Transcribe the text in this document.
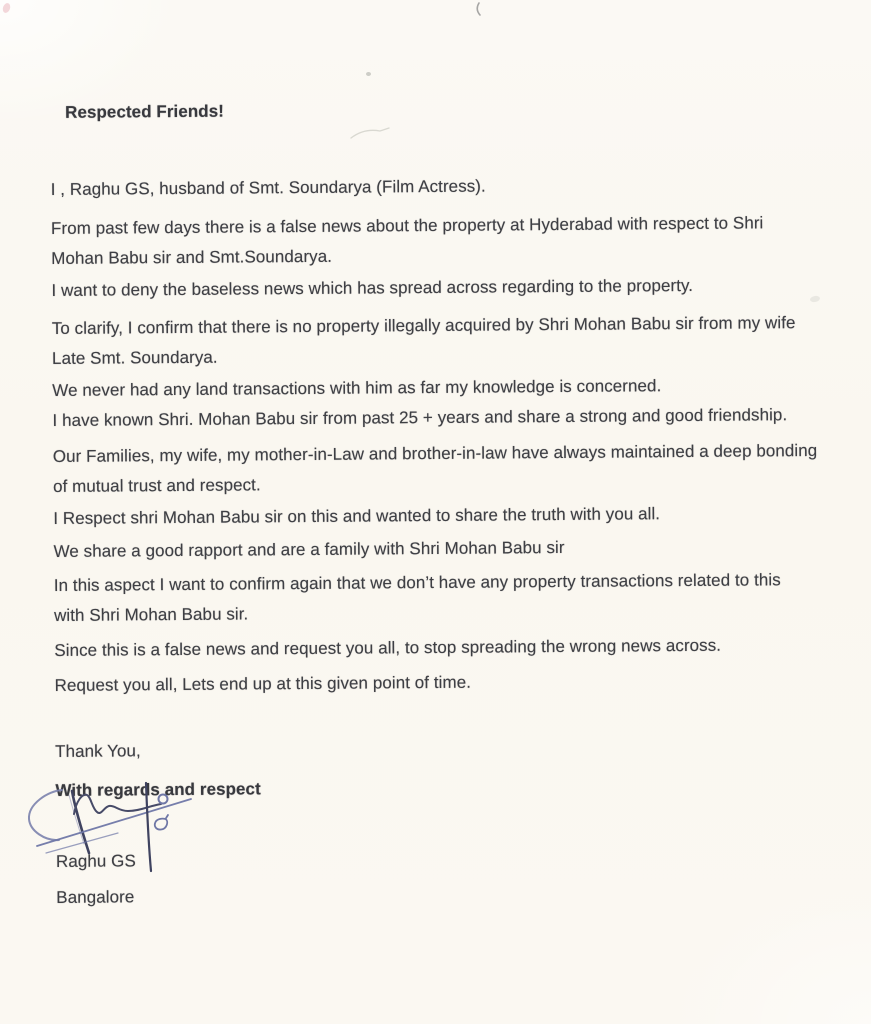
Respected Friends!
I , Raghu GS, husband of Smt. Soundarya (Film Actress).
From past few days there is a false news about the property at Hyderabad with respect to Shri
Mohan Babu sir and Smt.Soundarya.
I want to deny the baseless news which has spread across regarding to the property.
To clarify, I confirm that there is no property illegally acquired by Shri Mohan Babu sir from my wife
Late Smt. Soundarya.
We never had any land transactions with him as far my knowledge is concerned.
I have known Shri. Mohan Babu sir from past 25 + years and share a strong and good friendship.
Our Families, my wife, my mother-in-Law and brother-in-law have always maintained a deep bonding
of mutual trust and respect.
I Respect shri Mohan Babu sir on this and wanted to share the truth with you all.
We share a good rapport and are a family with Shri Mohan Babu sir
In this aspect I want to confirm again that we don’t have any property transactions related to this
with Shri Mohan Babu sir.
Since this is a false news and request you all, to stop spreading the wrong news across.
Request you all, Lets end up at this given point of time.
Thank You,
With regards and respect
Raghu GS
Bangalore
